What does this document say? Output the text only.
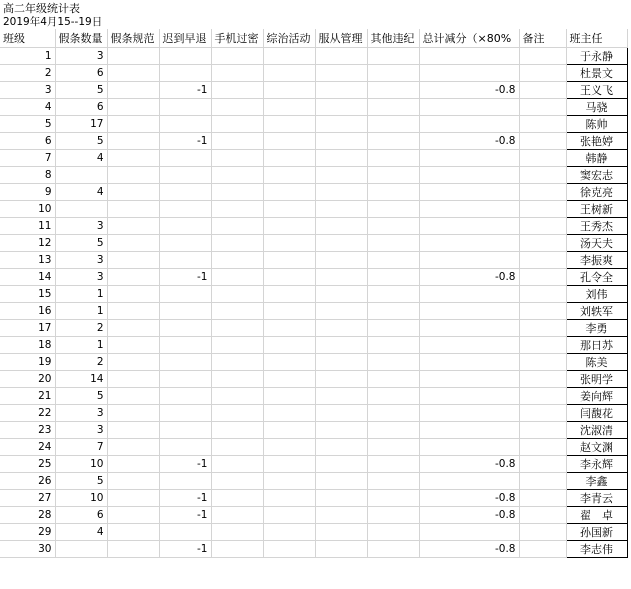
高二年级统计表
2019年4月15--19日
班级	假条数量	假条规范	迟到早退	手机过密	综治活动	服从管理	其他违纪	总计减分（×80%	备注	班主任
1	3									于永静
2	6									杜景文
3	5		-1					-0.8		王义飞
4	6									马骁
5	17									陈帅
6	5		-1					-0.8		张艳婷
7	4									韩静
8										窦宏志
9	4									徐克亮
10										王树新
11	3									王秀杰
12	5									汤天夫
13	3									李振爽
14	3		-1					-0.8		孔令全
15	1									刘伟
16	1									刘轶军
17	2									李勇
18	1									那日苏
19	2									陈美
20	14									张明学
21	5									姜向辉
22	3									闫馥花
23	3									沈淑清
24	7									赵文渊
25	10		-1					-0.8		李永辉
26	5									李鑫
27	10		-1					-0.8		李青云
28	6		-1					-0.8		翟　卓
29	4									孙国新
30			-1					-0.8		李志伟
